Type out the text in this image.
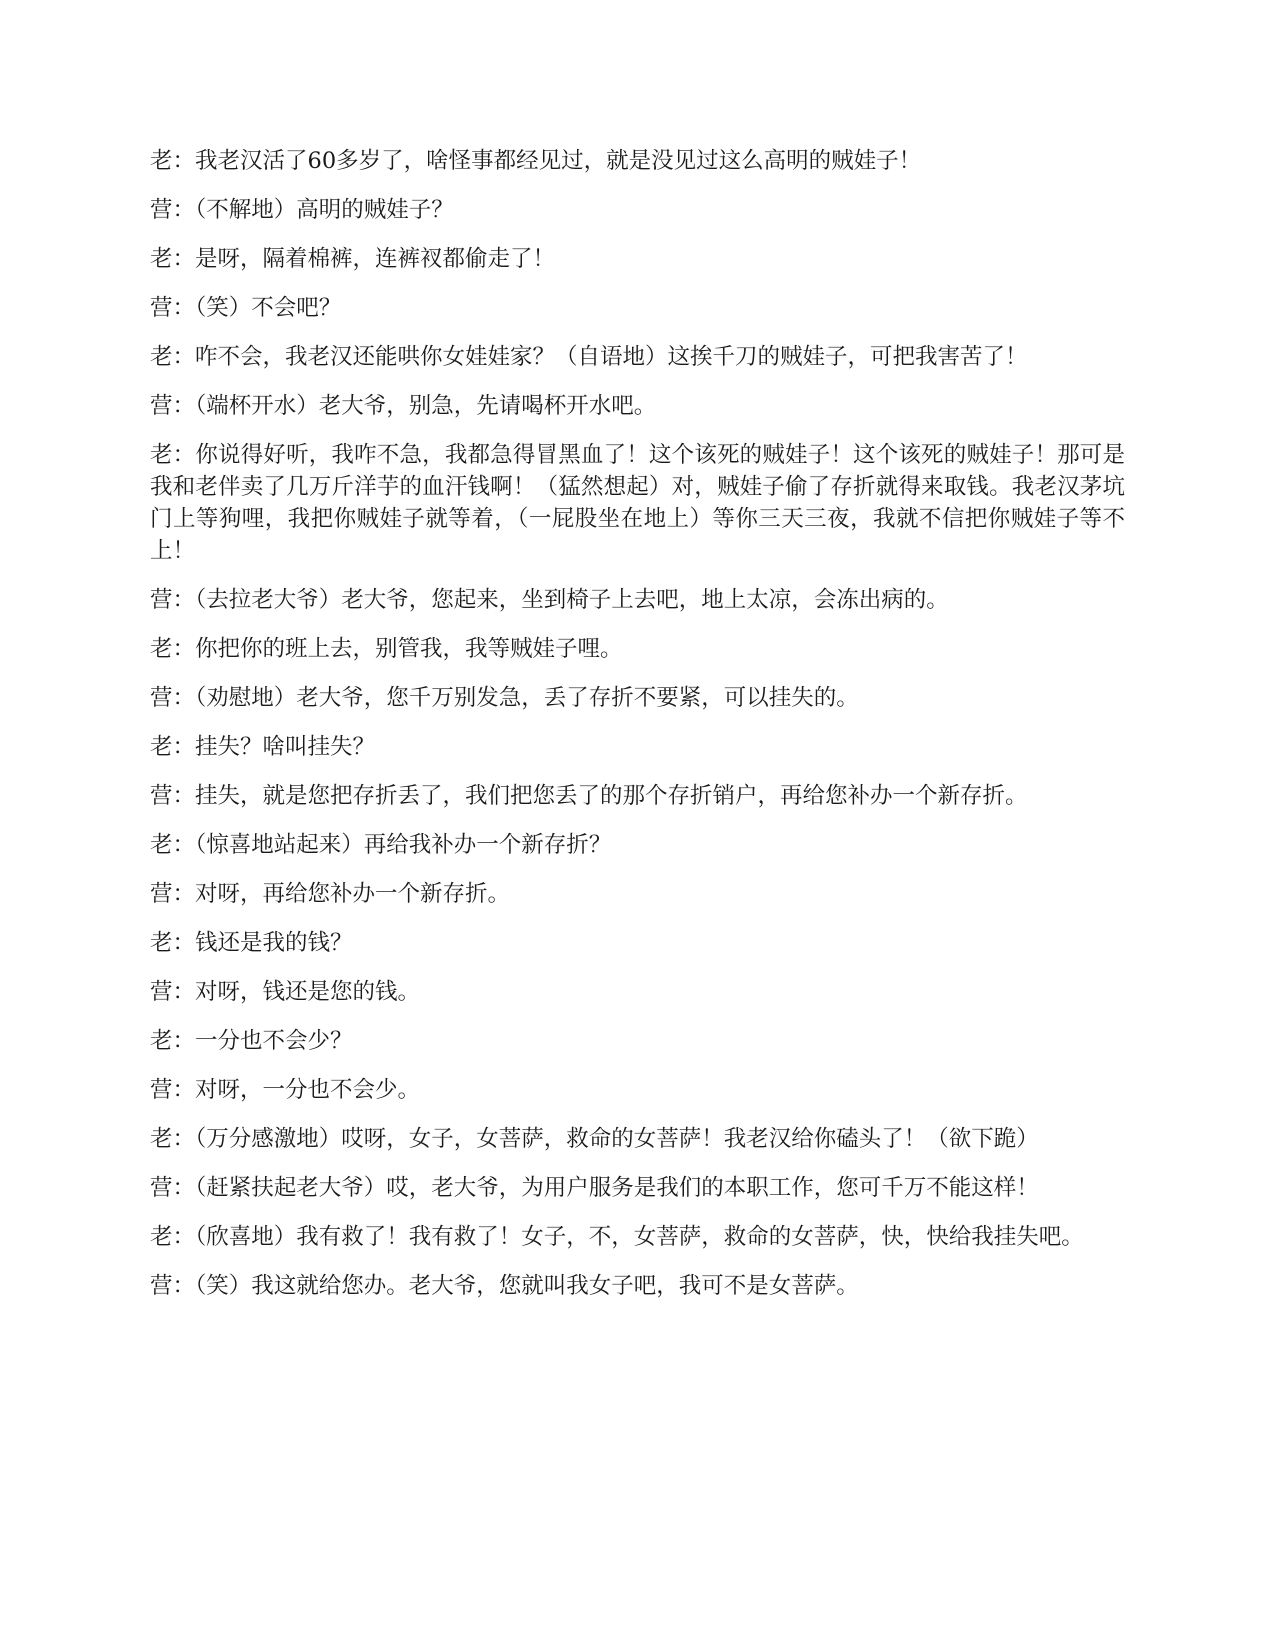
老：我老汉活了60多岁了，啥怪事都经见过，就是没见过这么高明的贼娃子！

营：（不解地）高明的贼娃子？

老：是呀，隔着棉裤，连裤衩都偷走了！

营：（笑）不会吧？

老：咋不会，我老汉还能哄你女娃娃家？（自语地）这挨千刀的贼娃子，可把我害苦了！

营：（端杯开水）老大爷，别急，先请喝杯开水吧。

老：你说得好听，我咋不急，我都急得冒黑血了！这个该死的贼娃子！这个该死的贼娃子！那可是我和老伴卖了几万斤洋芋的血汗钱啊！（猛然想起）对，贼娃子偷了存折就得来取钱。我老汉茅坑门上等狗哩，我把你贼娃子就等着，（一屁股坐在地上）等你三天三夜，我就不信把你贼娃子等不上！

营：（去拉老大爷）老大爷，您起来，坐到椅子上去吧，地上太凉，会冻出病的。

老：你把你的班上去，别管我，我等贼娃子哩。

营：（劝慰地）老大爷，您千万别发急，丢了存折不要紧，可以挂失的。

老：挂失？啥叫挂失？

营：挂失，就是您把存折丢了，我们把您丢了的那个存折销户，再给您补办一个新存折。

老：（惊喜地站起来）再给我补办一个新存折？

营：对呀，再给您补办一个新存折。

老：钱还是我的钱？

营：对呀，钱还是您的钱。

老：一分也不会少？

营：对呀，一分也不会少。

老：（万分感激地）哎呀，女子，女菩萨，救命的女菩萨！我老汉给你磕头了！（欲下跪）

营：（赶紧扶起老大爷）哎，老大爷，为用户服务是我们的本职工作，您可千万不能这样！

老：（欣喜地）我有救了！我有救了！女子，不，女菩萨，救命的女菩萨，快，快给我挂失吧。

营：（笑）我这就给您办。老大爷，您就叫我女子吧，我可不是女菩萨。
